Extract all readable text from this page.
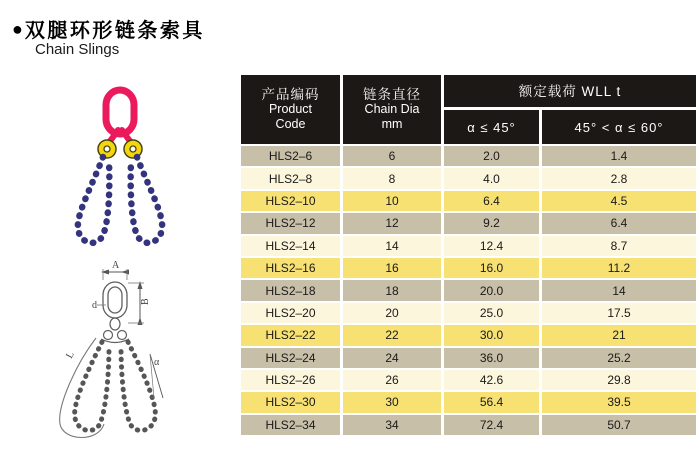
● 双腿环形链条索具
Chain Slings
A
B
d
L
α
产品编码
Product
Code
链条直径
Chain Dia
mm
额定载荷 WLL t
α ≤ 45°	45° < α ≤ 60°
HLS2–6	6	2.0	1.4
HLS2–8	8	4.0	2.8
HLS2–10	10	6.4	4.5
HLS2–12	12	9.2	6.4
HLS2–14	14	12.4	8.7
HLS2–16	16	16.0	11.2
HLS2–18	18	20.0	14
HLS2–20	20	25.0	17.5
HLS2–22	22	30.0	21
HLS2–24	24	36.0	25.2
HLS2–26	26	42.6	29.8
HLS2–30	30	56.4	39.5
HLS2–34	34	72.4	50.7
